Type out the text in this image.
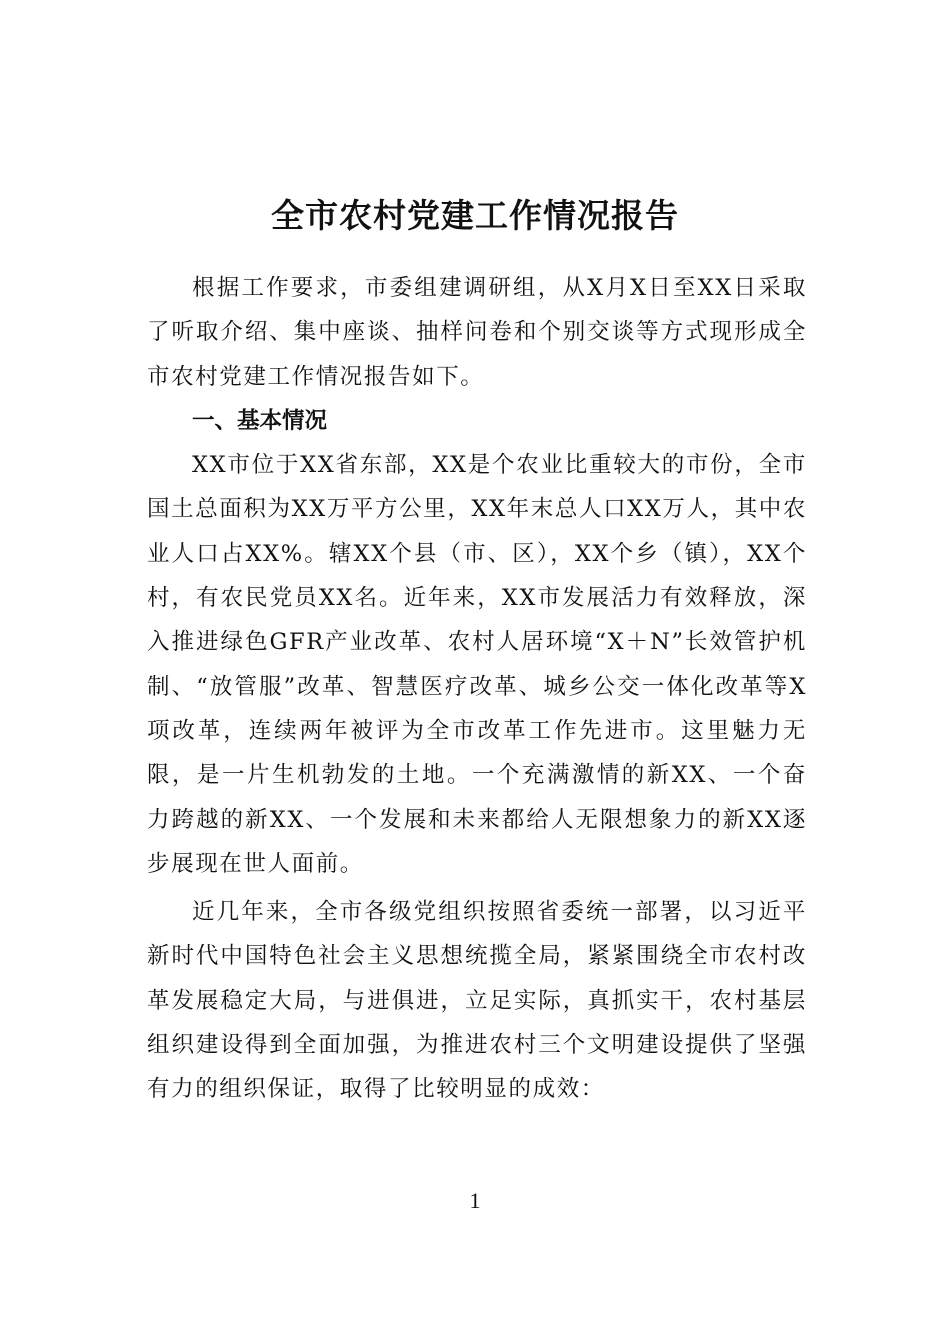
全市农村党建工作情况报告

根据工作要求，市委组建调研组，从X月X日至XX日采取了听取介绍、集中座谈、抽样问卷和个别交谈等方式现形成全市农村党建工作情况报告如下。

一、基本情况

XX市位于XX省东部，XX是个农业比重较大的市份，全市国土总面积为XX万平方公里，XX年末总人口XX万人，其中农业人口占XX%。辖XX个县（市、区），XX个乡（镇），XX个村，有农民党员XX名。近年来，XX市发展活力有效释放，深入推进绿色GFR产业改革、农村人居环境“X＋N”长效管护机制、“放管服”改革、智慧医疗改革、城乡公交一体化改革等X项改革，连续两年被评为全市改革工作先进市。这里魅力无限，是一片生机勃发的土地。一个充满激情的新XX、一个奋力跨越的新XX、一个发展和未来都给人无限想象力的新XX逐步展现在世人面前。

近几年来，全市各级党组织按照省委统一部署，以习近平新时代中国特色社会主义思想统揽全局，紧紧围绕全市农村改革发展稳定大局，与进俱进，立足实际，真抓实干，农村基层组织建设得到全面加强，为推进农村三个文明建设提供了坚强有力的组织保证，取得了比较明显的成效：

1
